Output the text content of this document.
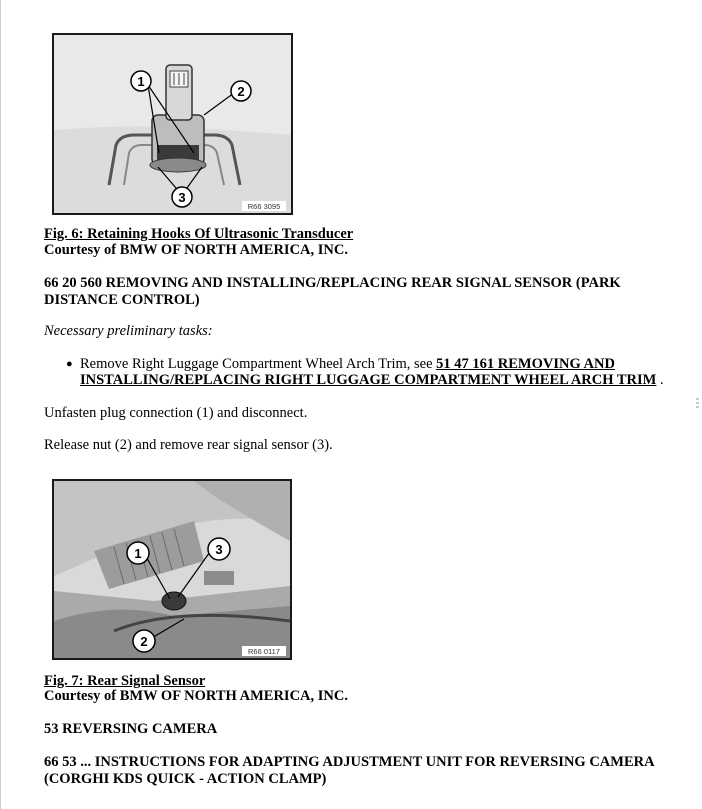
1
2
3
R66 3095
Fig. 6: Retaining Hooks Of Ultrasonic Transducer
Courtesy of BMW OF NORTH AMERICA, INC.
66 20 560 REMOVING AND INSTALLING/REPLACING REAR SIGNAL SENSOR (PARK DISTANCE CONTROL)
Necessary preliminary tasks:
● Remove Right Luggage Compartment Wheel Arch Trim, see 51 47 161 REMOVING AND INSTALLING/REPLACING RIGHT LUGGAGE COMPARTMENT WHEEL ARCH TRIM .
Unfasten plug connection (1) and disconnect.
Release nut (2) and remove rear signal sensor (3).
1	3
2
R66 0117
Fig. 7: Rear Signal Sensor
Courtesy of BMW OF NORTH AMERICA, INC.
53 REVERSING CAMERA
66 53 ... INSTRUCTIONS FOR ADAPTING ADJUSTMENT UNIT FOR REVERSING CAMERA (CORGHI KDS QUICK - ACTION CLAMP)
